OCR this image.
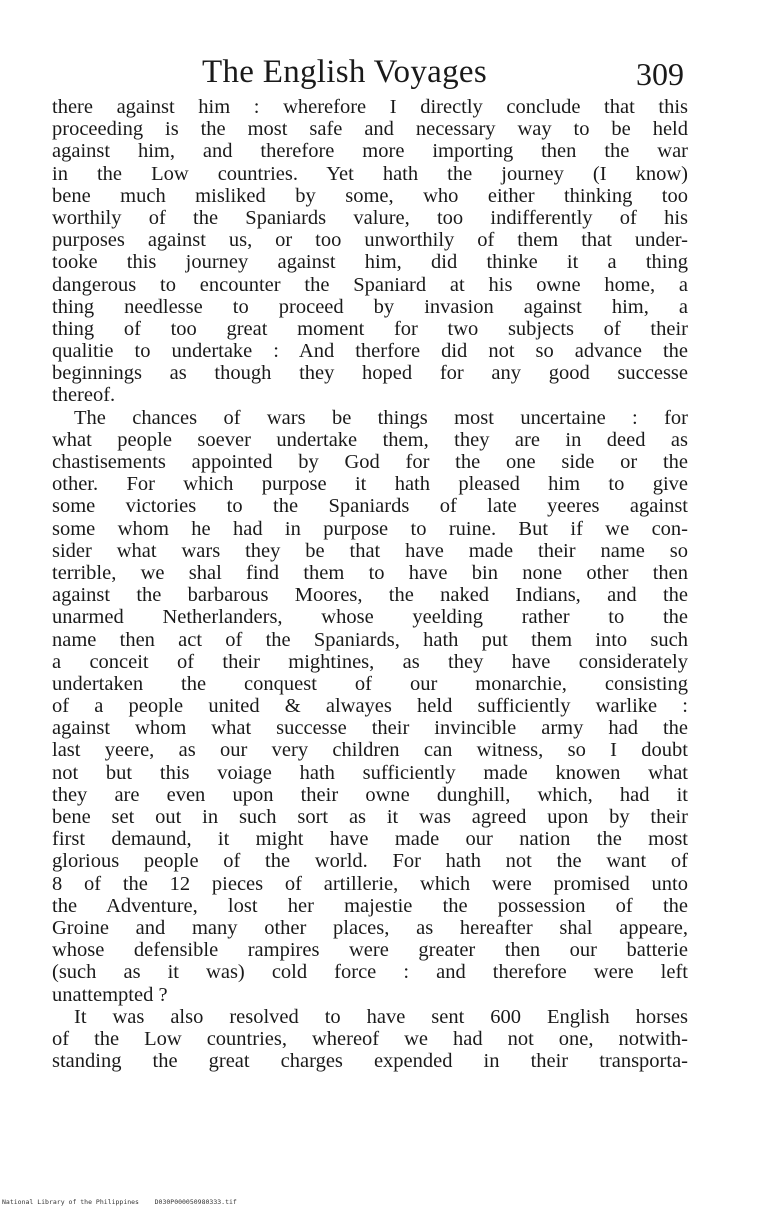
The English Voyages	309
there against him : wherefore I directly conclude that this
proceeding is the most safe and necessary way to be held
against him, and therefore more importing then the war
in the Low countries. Yet hath the journey (I know)
bene much misliked by some, who either thinking too
worthily of the Spaniards valure, too indifferently of his
purposes against us, or too unworthily of them that under-
tooke this journey against him, did thinke it a thing
dangerous to encounter the Spaniard at his owne home, a
thing needlesse to proceed by invasion against him, a
thing of too great moment for two subjects of their
qualitie to undertake : And therfore did not so advance the
beginnings as though they hoped for any good successe
thereof.
The chances of wars be things most uncertaine : for
what people soever undertake them, they are in deed as
chastisements appointed by God for the one side or the
other. For which purpose it hath pleased him to give
some victories to the Spaniards of late yeeres against
some whom he had in purpose to ruine. But if we con-
sider what wars they be that have made their name so
terrible, we shal find them to have bin none other then
against the barbarous Moores, the naked Indians, and the
unarmed Netherlanders, whose yeelding rather to the
name then act of the Spaniards, hath put them into such
a conceit of their mightines, as they have considerately
undertaken the conquest of our monarchie, consisting
of a people united & alwayes held sufficiently warlike :
against whom what successe their invincible army had the
last yeere, as our very children can witness, so I doubt
not but this voiage hath sufficiently made knowen what
they are even upon their owne dunghill, which, had it
bene set out in such sort as it was agreed upon by their
first demaund, it might have made our nation the most
glorious people of the world. For hath not the want of
8 of the 12 pieces of artillerie, which were promised unto
the Adventure, lost her majestie the possession of the
Groine and many other places, as hereafter shal appeare,
whose defensible rampires were greater then our batterie
(such as it was) cold force : and therefore were left
unattempted ?
It was also resolved to have sent 600 English horses
of the Low countries, whereof we had not one, notwith-
standing the great charges expended in their transporta-
National Library of the Philippines D030P000050980333.tif
